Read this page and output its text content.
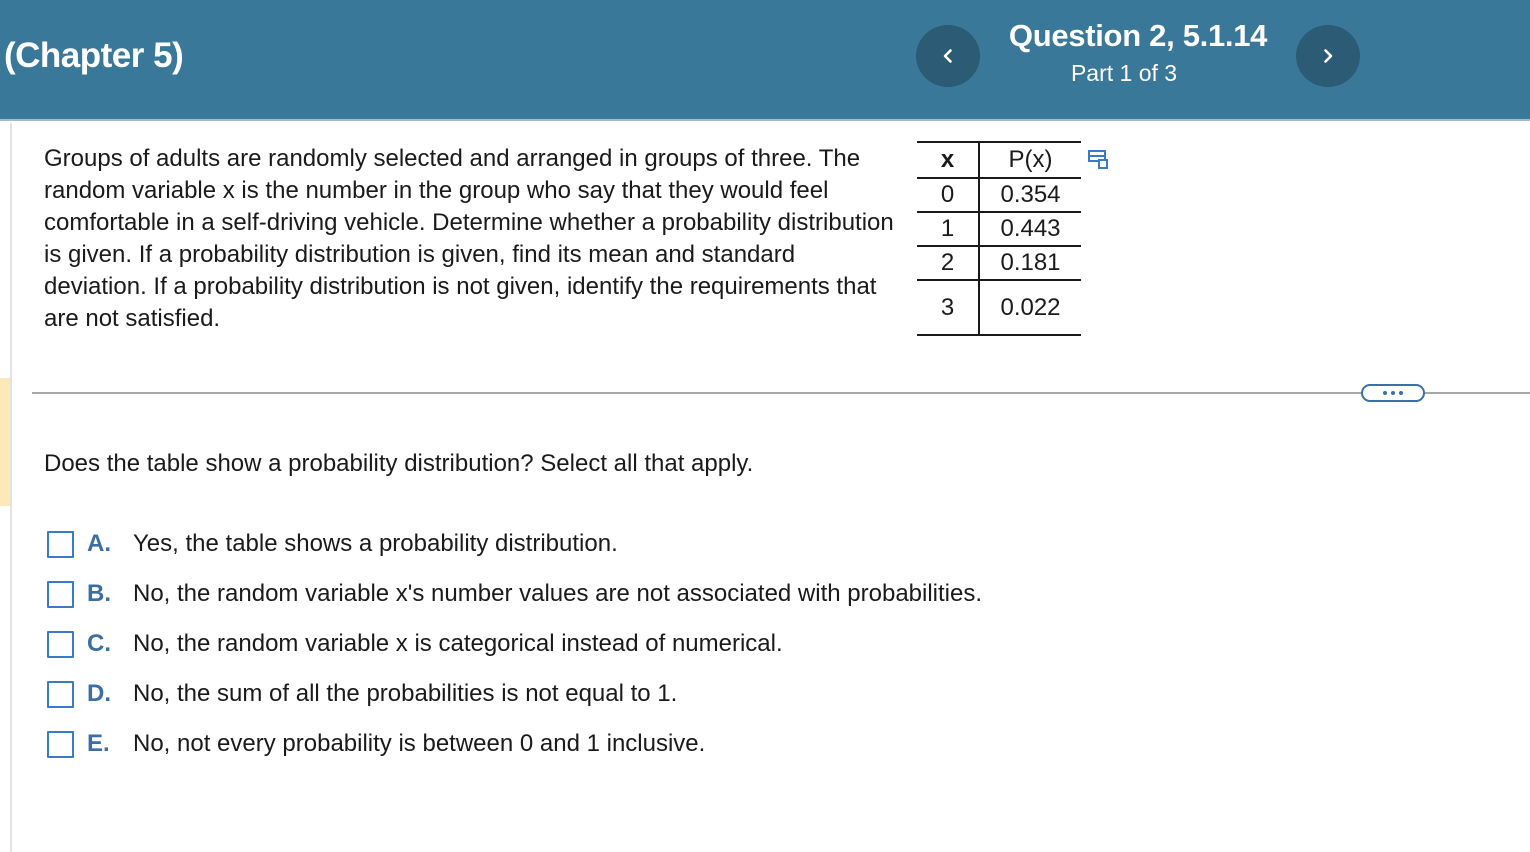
(Chapter 5)
Question 2, 5.1.14
Part 1 of 3
Groups of adults are randomly selected and arranged in groups of three. The random variable x is the number in the group who say that they would feel comfortable in a self-driving vehicle. Determine whether a probability distribution is given. If a probability distribution is given, find its mean and standard deviation. If a probability distribution is not given, identify the requirements that are not satisfied.
x	P(x)
0	0.354
1	0.443
2	0.181
3	0.022
Does the table show a probability distribution? Select all that apply.
A. Yes, the table shows a probability distribution.
B. No, the random variable x's number values are not associated with probabilities.
C. No, the random variable x is categorical instead of numerical.
D. No, the sum of all the probabilities is not equal to 1.
E. No, not every probability is between 0 and 1 inclusive.
